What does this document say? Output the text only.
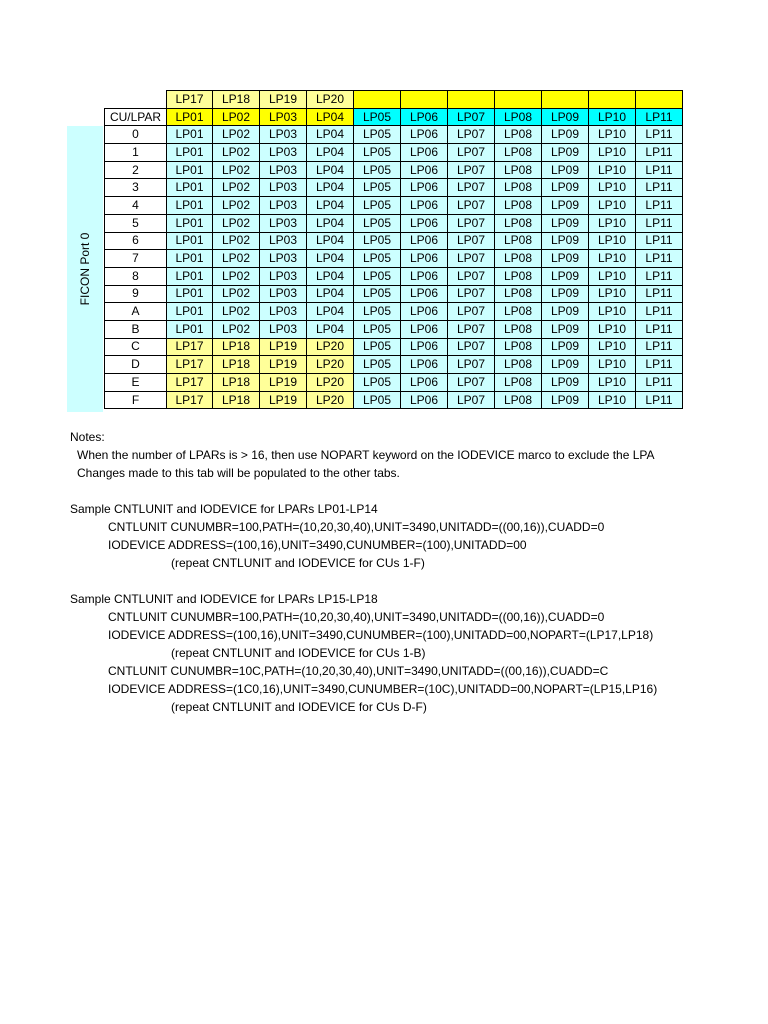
FICON Port 0
	LP17	LP18	LP19	LP20							
CU/LPAR	LP01	LP02	LP03	LP04	LP05	LP06	LP07	LP08	LP09	LP10	LP11
0	LP01	LP02	LP03	LP04	LP05	LP06	LP07	LP08	LP09	LP10	LP11
1	LP01	LP02	LP03	LP04	LP05	LP06	LP07	LP08	LP09	LP10	LP11
2	LP01	LP02	LP03	LP04	LP05	LP06	LP07	LP08	LP09	LP10	LP11
3	LP01	LP02	LP03	LP04	LP05	LP06	LP07	LP08	LP09	LP10	LP11
4	LP01	LP02	LP03	LP04	LP05	LP06	LP07	LP08	LP09	LP10	LP11
5	LP01	LP02	LP03	LP04	LP05	LP06	LP07	LP08	LP09	LP10	LP11
6	LP01	LP02	LP03	LP04	LP05	LP06	LP07	LP08	LP09	LP10	LP11
7	LP01	LP02	LP03	LP04	LP05	LP06	LP07	LP08	LP09	LP10	LP11
8	LP01	LP02	LP03	LP04	LP05	LP06	LP07	LP08	LP09	LP10	LP11
9	LP01	LP02	LP03	LP04	LP05	LP06	LP07	LP08	LP09	LP10	LP11
A	LP01	LP02	LP03	LP04	LP05	LP06	LP07	LP08	LP09	LP10	LP11
B	LP01	LP02	LP03	LP04	LP05	LP06	LP07	LP08	LP09	LP10	LP11
C	LP17	LP18	LP19	LP20	LP05	LP06	LP07	LP08	LP09	LP10	LP11
D	LP17	LP18	LP19	LP20	LP05	LP06	LP07	LP08	LP09	LP10	LP11
E	LP17	LP18	LP19	LP20	LP05	LP06	LP07	LP08	LP09	LP10	LP11
F	LP17	LP18	LP19	LP20	LP05	LP06	LP07	LP08	LP09	LP10	LP11
Notes:
When the number of LPARs is > 16, then use NOPART keyword on the IODEVICE marco to exclude the LPA
Changes made to this tab will be populated to the other tabs.
Sample CNTLUNIT and IODEVICE for LPARs LP01-LP14
CNTLUNIT CUNUMBR=100,PATH=(10,20,30,40),UNIT=3490,UNITADD=((00,16)),CUADD=0
IODEVICE ADDRESS=(100,16),UNIT=3490,CUNUMBER=(100),UNITADD=00
(repeat CNTLUNIT and IODEVICE for CUs 1-F)
Sample CNTLUNIT and IODEVICE for LPARs LP15-LP18
CNTLUNIT CUNUMBR=100,PATH=(10,20,30,40),UNIT=3490,UNITADD=((00,16)),CUADD=0
IODEVICE ADDRESS=(100,16),UNIT=3490,CUNUMBER=(100),UNITADD=00,NOPART=(LP17,LP18)
(repeat CNTLUNIT and IODEVICE for CUs 1-B)
CNTLUNIT CUNUMBR=10C,PATH=(10,20,30,40),UNIT=3490,UNITADD=((00,16)),CUADD=C
IODEVICE ADDRESS=(1C0,16),UNIT=3490,CUNUMBER=(10C),UNITADD=00,NOPART=(LP15,LP16)
(repeat CNTLUNIT and IODEVICE for CUs D-F)
